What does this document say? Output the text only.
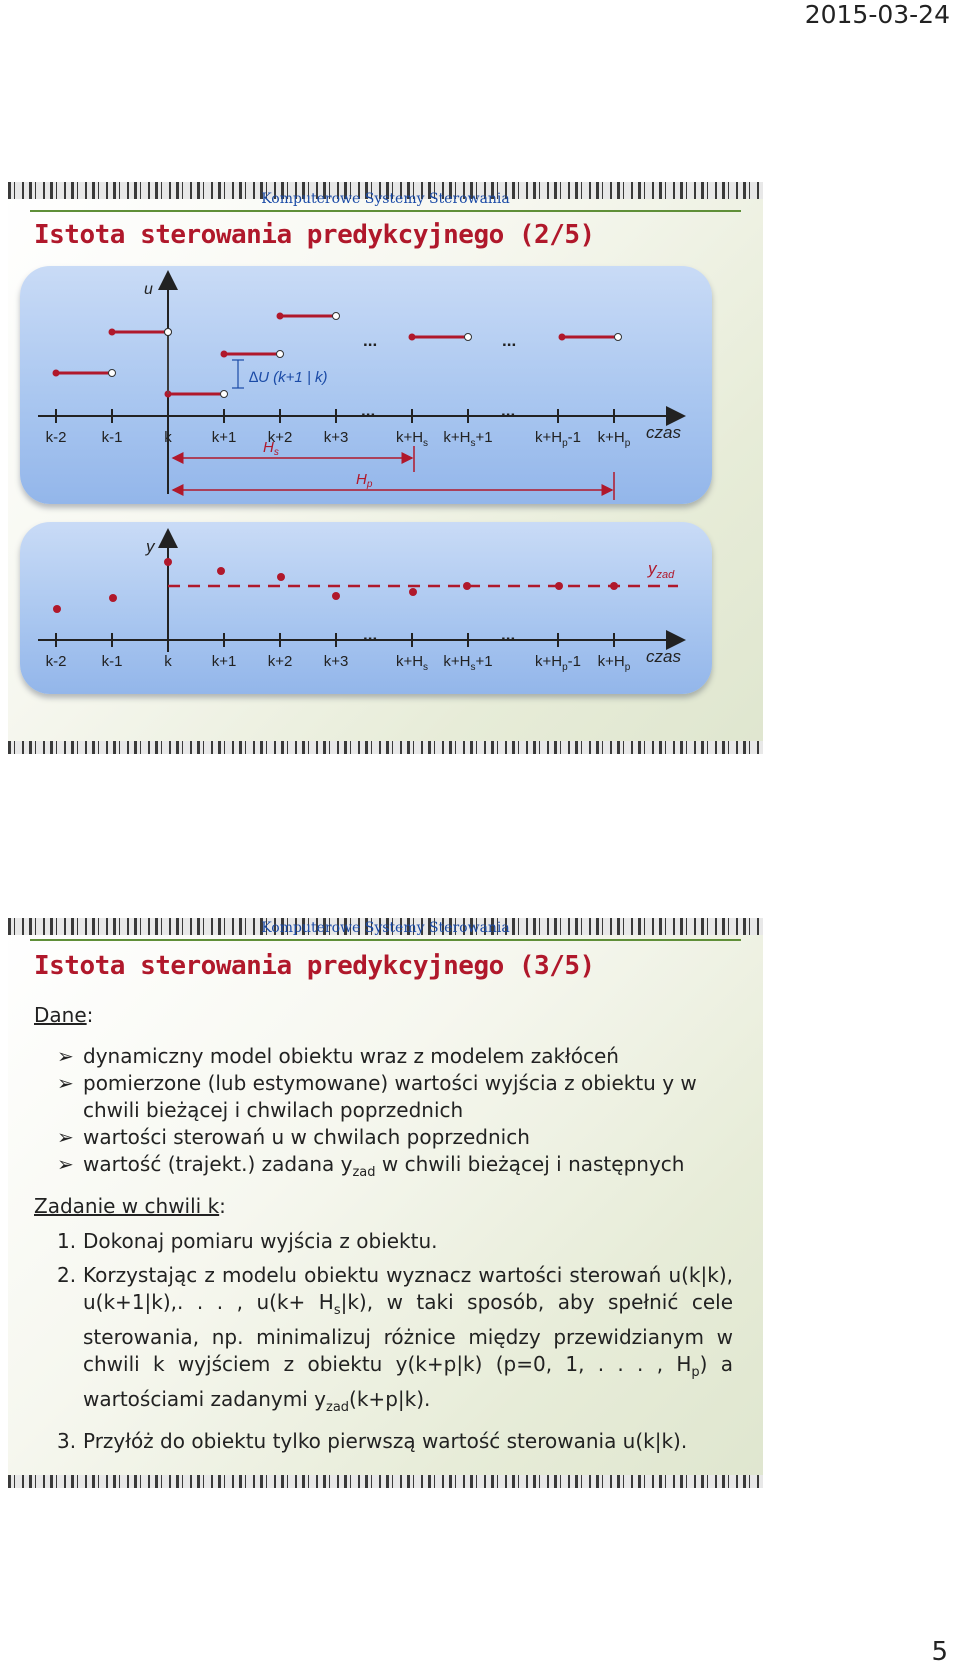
2015-03-24
Komputerowe Systemy Sterowania
Istota sterowania predykcyjnego (2/5)
u
czas
k-2 k-1	k	k+1 k+2 k+3	$k+H_s$ $k+H_s+1$	$k+H_p-1$ $k+H_p$
...	...
...	...
∆U (k+1 | k)
$H_s$
$H_p$
y
czas
$y_{zad}$
...	...
k-2 k-1	k	k+1 k+2 k+3	$k+H_s$ $k+H_s+1$	$k+H_p-1$ $k+H_p$
Komputerowe Systemy Sterowania
Istota sterowania predykcyjnego (3/5)
Dane:
➢ dynamiczny model obiektu wraz z modelem zakłóceń
➢ pomierzone (lub estymowane) wartości wyjścia z obiektu y w chwili bieżącej i chwilach poprzednich
➢ wartości sterowań u w chwilach poprzednich
➢ wartość (trajekt.) zadana $y_{zad}$ w chwili bieżącej i następnych
Zadanie w chwili k:
1. Dokonaj pomiaru wyjścia z obiektu.
2. Korzystając z modelu obiektu wyznacz wartości sterowań u(k|k), u(k+1|k),. . . , $u(k+ H_s|k)$, w taki sposób, aby spełnić cele sterowania, np. minimalizuj różnice między przewidzianym w chwili k wyjściem z obiektu y(k+p|k) (p=0, 1, . . . , $H_p$) a wartościami zadanymi $y_{zad}(k+p|k)$.
3. Przyłóż do obiektu tylko pierwszą wartość sterowania u(k|k).
5
